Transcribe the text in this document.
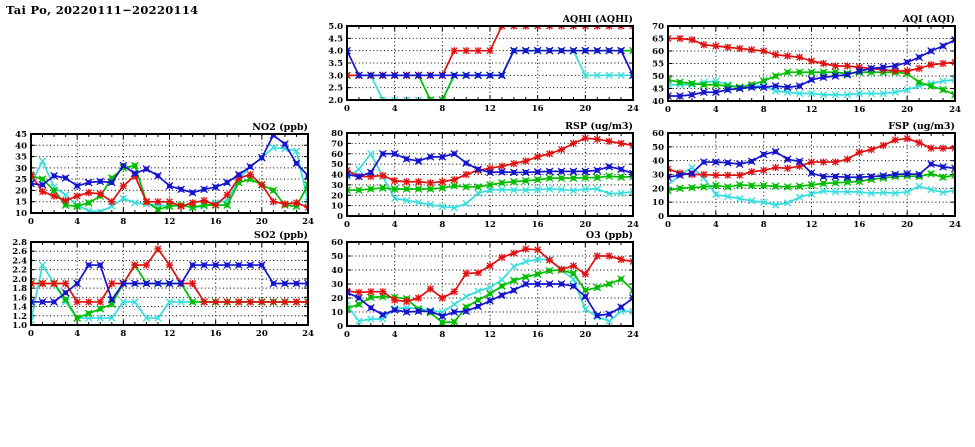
Tai Po, 20220111−20220114
10
15
20
25
30
35
40
45
0	4	8	12	16	20	24
NO2 (ppb)
1.0
1.2
1.4
1.6
1.8
2.0
2.2
2.4
2.6
2.8
0	4	8	12	16	20	24
SO2 (ppb)
2.0
2.5
3.0
3.5
4.0
4.5
5.0
0	4	8	12	16	20	24
AQHI (AQHI)
0
10
20
30
40
50
60
70
80
0	4	8	12	16	20	24
RSP (ug/m3)
0
10
20
30
40
50
60
0	4	8	12	16	20	24
O3 (ppb)
40
45
50
55
60
65
70
0	4	8	12	16	20	24
AQI (AQI)
0
10
20
30
40
50
60
0	4	8	12	16	20	24
FSP (ug/m3)
